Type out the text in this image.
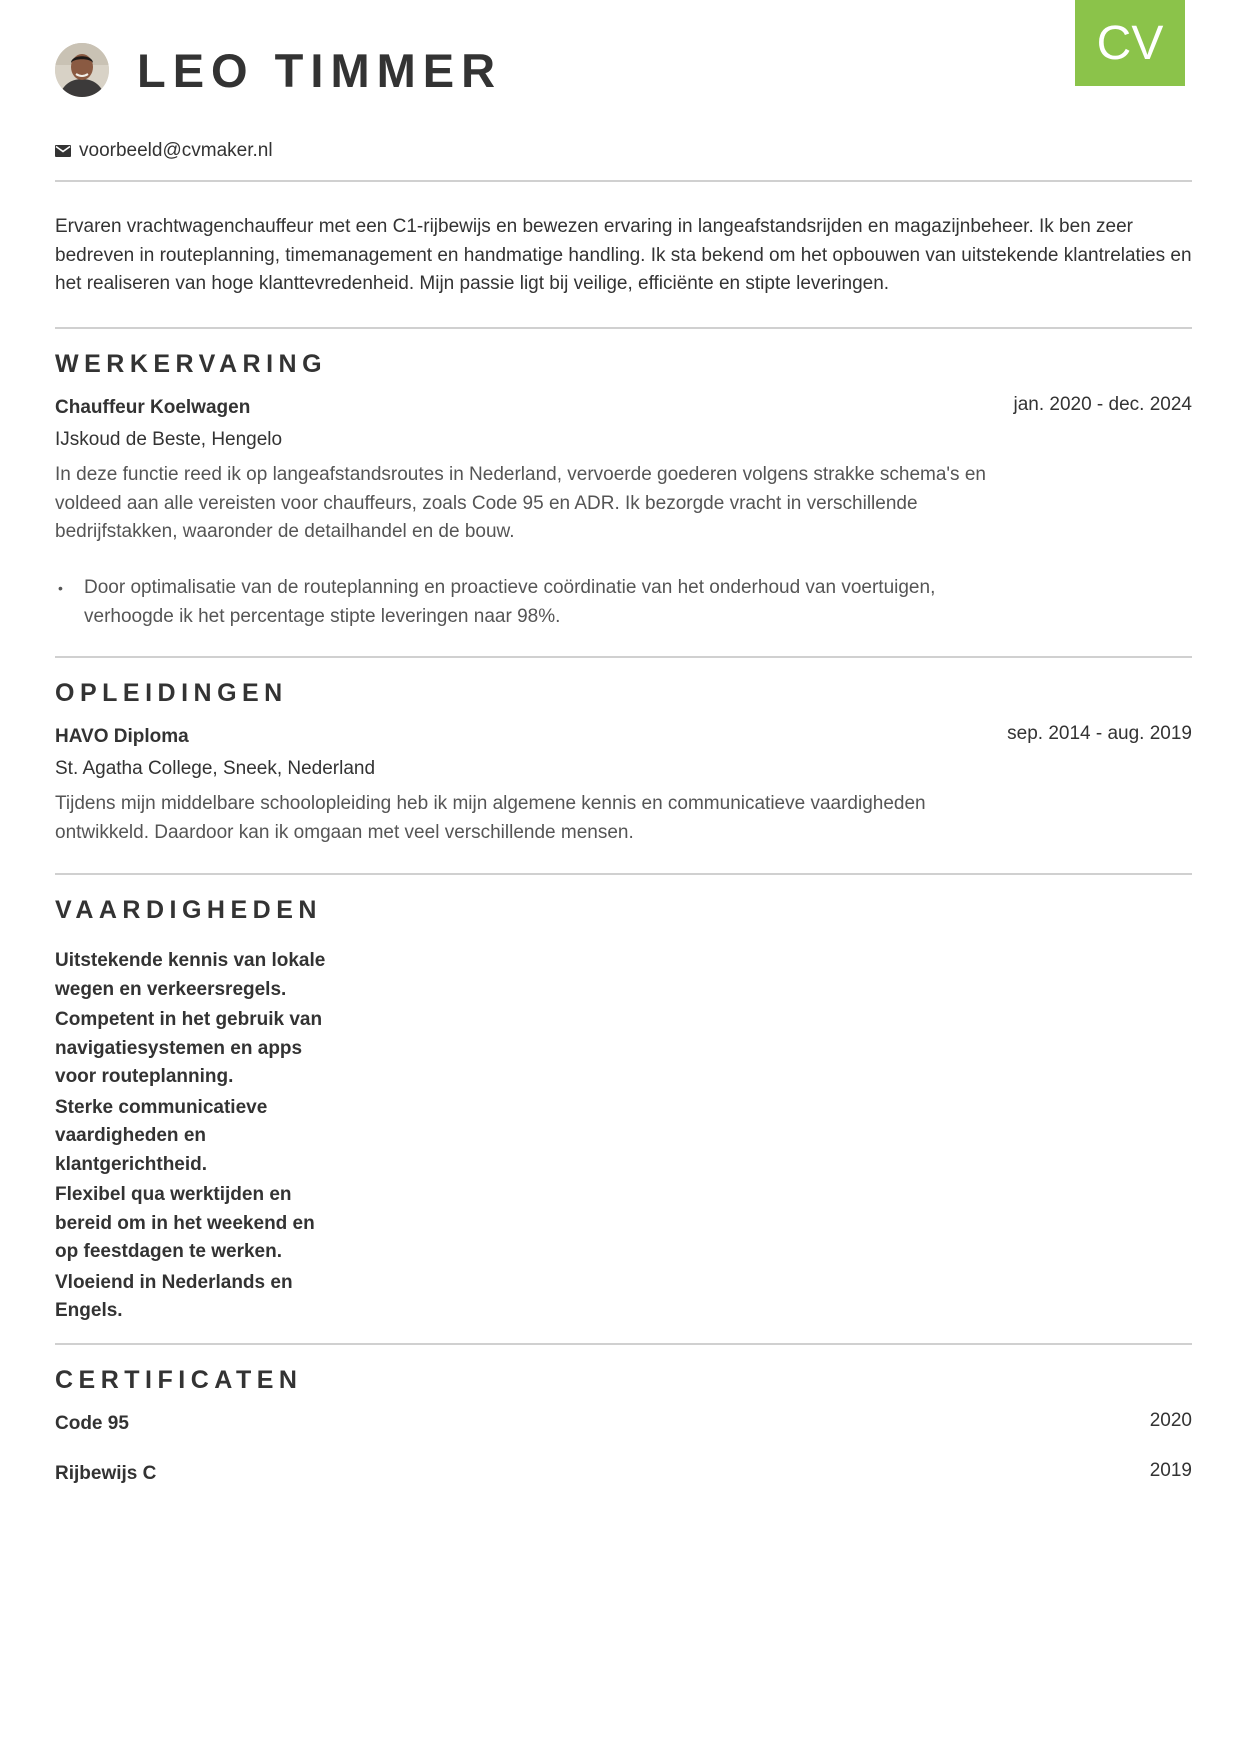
CV
LEO TIMMER
voorbeeld@cvmaker.nl

Ervaren vrachtwagenchauffeur met een C1-rijbewijs en bewezen ervaring in langeafstandsrijden en magazijnbeheer. Ik ben zeer bedreven in routeplanning, timemanagement en handmatige handling. Ik sta bekend om het opbouwen van uitstekende klantrelaties en het realiseren van hoge klanttevredenheid. Mijn passie ligt bij veilige, efficiënte en stipte leveringen.

WERKERVARING
Chauffeur Koelwagen	jan. 2020 - dec. 2024
IJskoud de Beste, Hengelo

In deze functie reed ik op langeafstandsroutes in Nederland, vervoerde goederen volgens strakke schema's en voldeed aan alle vereisten voor chauffeurs, zoals Code 95 en ADR. Ik bezorgde vracht in verschillende bedrijfstakken, waaronder de detailhandel en de bouw.

• Door optimalisatie van de routeplanning en proactieve coördinatie van het onderhoud van voertuigen, verhoogde ik het percentage stipte leveringen naar 98%.
OPLEIDINGEN
HAVO Diploma	sep. 2014 - aug. 2019
St. Agatha College, Sneek, Nederland

Tijdens mijn middelbare schoolopleiding heb ik mijn algemene kennis en communicatieve vaardigheden ontwikkeld. Daardoor kan ik omgaan met veel verschillende mensen.

VAARDIGHEDEN
Uitstekende kennis van lokale wegen en verkeersregels.
Competent in het gebruik van navigatiesystemen en apps voor routeplanning.
Sterke communicatieve vaardigheden en klantgerichtheid.
Flexibel qua werktijden en bereid om in het weekend en op feestdagen te werken.
Vloeiend in Nederlands en Engels.
CERTIFICATEN
Code 95	2020
Rijbewijs C	2019
